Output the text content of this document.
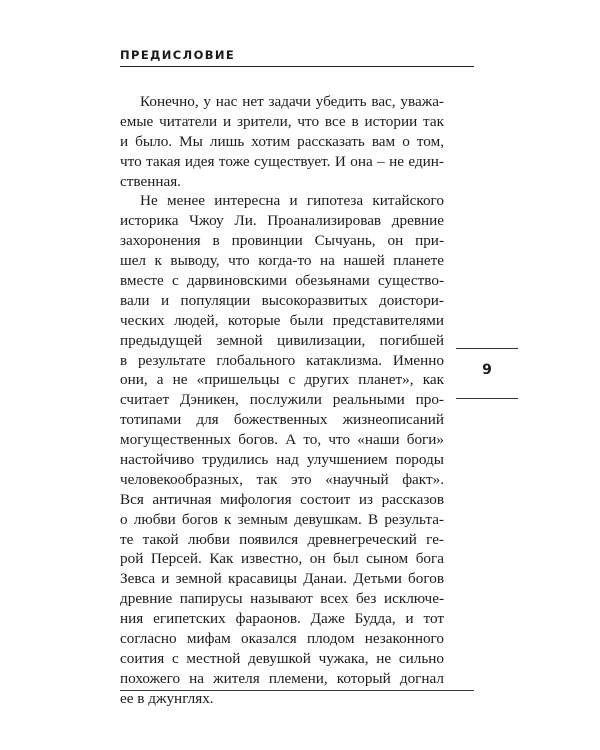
ПРЕДИСЛОВИЕ
9
Конечно, у нас нет задачи убедить вас, уважа-
емые читатели и зрители, что все в истории так
и было. Мы лишь хотим рассказать вам о том,
что такая идея тоже существует. И она – не един-
ственная.
Не менее интересна и гипотеза китайского
историка Чжоу Ли. Проанализировав древние
захоронения в провинции Сычуань, он при-
шел к выводу, что когда-то на нашей планете
вместе с дарвиновскими обезьянами существо-
вали и популяции высокоразвитых доистори-
ческих людей, которые были представителями
предыдущей земной цивилизации, погибшей
в результате глобального катаклизма. Именно
они, а не «пришельцы с других планет», как
считает Дэникен, послужили реальными про-
тотипами для божественных жизнеописаний
могущественных богов. А то, что «наши боги»
настойчиво трудились над улучшением породы
человекообразных, так это «научный факт».
Вся античная мифология состоит из рассказов
о любви богов к земным девушкам. В результа-
те такой любви появился древнегреческий ге-
рой Персей. Как известно, он был сыном бога
Зевса и земной красавицы Данаи. Детьми богов
древние папирусы называют всех без исключе-
ния египетских фараонов. Даже Будда, и тот
согласно мифам оказался плодом незаконного
соития с местной девушкой чужака, не сильно
похожего на жителя племени, который догнал
ее в джунглях.
